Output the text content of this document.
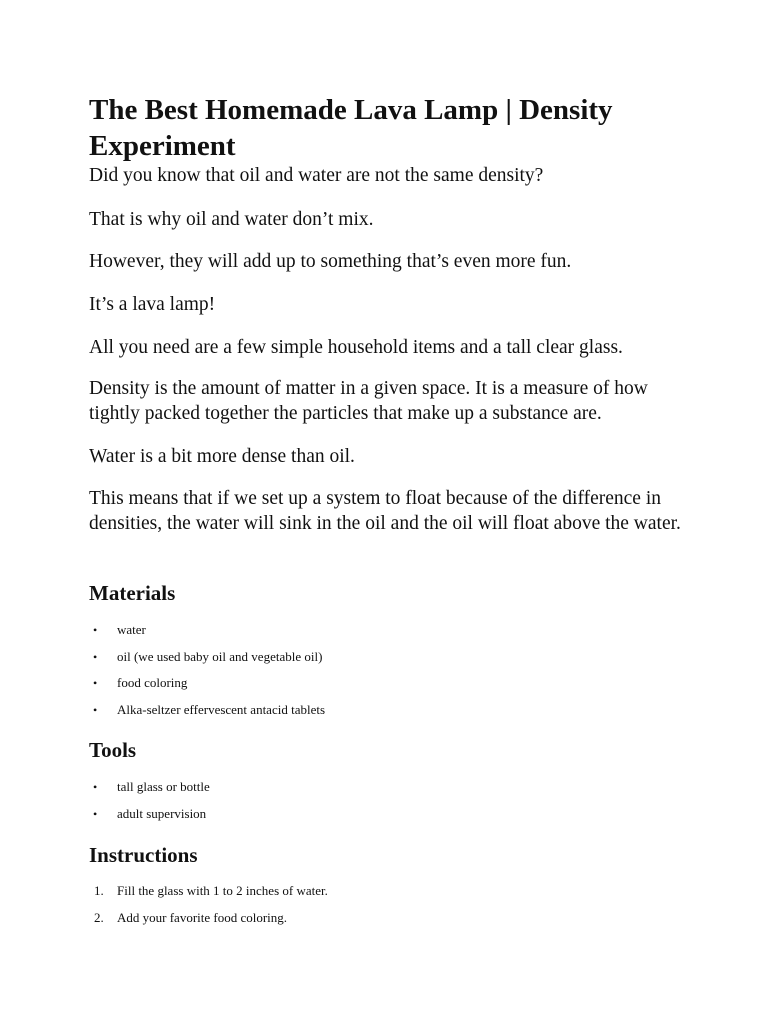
The Best Homemade Lava Lamp | Density Experiment

Did you know that oil and water are not the same density?

That is why oil and water don’t mix.

However, they will add up to something that’s even more fun.

It’s a lava lamp!

All you need are a few simple household items and a tall clear glass.

Density is the amount of matter in a given space. It is a measure of how tightly packed together the particles that make up a substance are.

Water is a bit more dense than oil.

This means that if we set up a system to float because of the difference in densities, the water will sink in the oil and the oil will float above the water.

Materials
• water
• oil (we used baby oil and vegetable oil)
• food coloring
• Alka-seltzer effervescent antacid tablets
Tools
• tall glass or bottle
• adult supervision
Instructions
1. Fill the glass with 1 to 2 inches of water.
2. Add your favorite food coloring.
